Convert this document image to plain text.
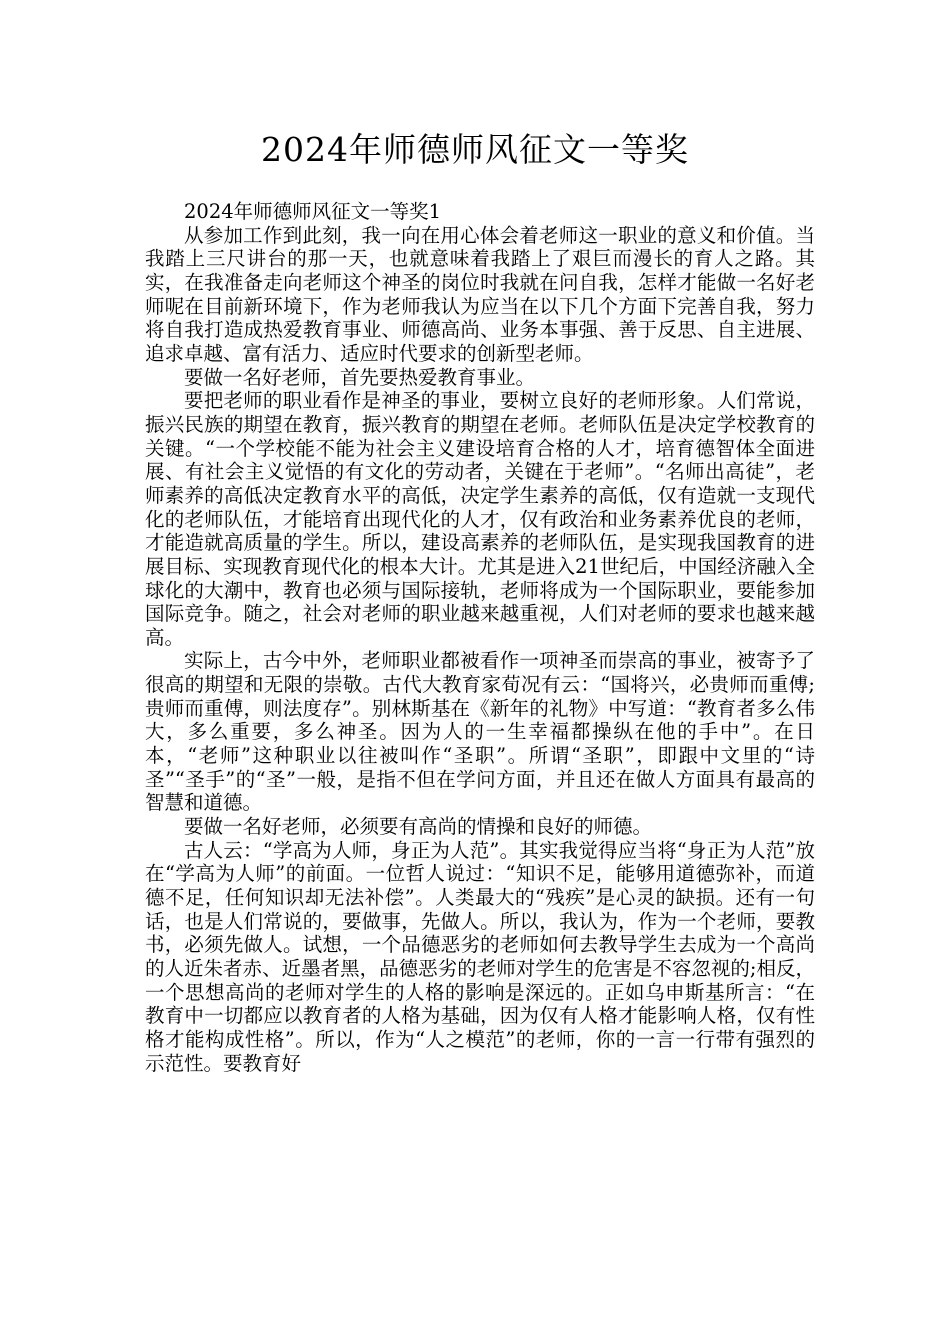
2024年师德师风征文一等奖

2024年师德师风征文一等奖1

从参加工作到此刻，我一向在用心体会着老师这一职业的意义和价值。当我踏上三尺讲台的那一天，也就意味着我踏上了艰巨而漫长的育人之路。其实，在我准备走向老师这个神圣的岗位时我就在问自我，怎样才能做一名好老师呢在目前新环境下，作为老师我认为应当在以下几个方面下完善自我，努力将自我打造成热爱教育事业、师德高尚、业务本事强、善于反思、自主进展、追求卓越、富有活力、适应时代要求的创新型老师。

要做一名好老师，首先要热爱教育事业。

要把老师的职业看作是神圣的事业，要树立良好的老师形象。人们常说，振兴民族的期望在教育，振兴教育的期望在老师。老师队伍是决定学校教育的关键。“一个学校能不能为社会主义建设培育合格的人才，培育德智体全面进展、有社会主义觉悟的有文化的劳动者，关键在于老师”。“名师出高徒”，老师素养的高低决定教育水平的高低，决定学生素养的高低，仅有造就一支现代化的老师队伍，才能培育出现代化的人才，仅有政治和业务素养优良的老师，才能造就高质量的学生。所以，建设高素养的老师队伍，是实现我国教育的进展目标、实现教育现代化的根本大计。尤其是进入21世纪后，中国经济融入全球化的大潮中，教育也必须与国际接轨，老师将成为一个国际职业，要能参加国际竞争。随之，社会对老师的职业越来越重视，人们对老师的要求也越来越高。

实际上，古今中外，老师职业都被看作一项神圣而崇高的事业，被寄予了很高的期望和无限的崇敬。古代大教育家荀况有云：“国将兴，必贵师而重傅;贵师而重傅，则法度存”。别林斯基在《新年的礼物》中写道：“教育者多么伟大，多么重要，多么神圣。因为人的一生幸福都操纵在他的手中”。在日本，“老师”这种职业以往被叫作“圣职”。所谓“圣职”，即跟中文里的“诗圣”“圣手”的“圣”一般，是指不但在学问方面，并且还在做人方面具有最高的智慧和道德。

要做一名好老师，必须要有高尚的情操和良好的师德。

古人云：“学高为人师，身正为人范”。其实我觉得应当将“身正为人范”放在“学高为人师”的前面。一位哲人说过：“知识不足，能够用道德弥补，而道德不足，任何知识却无法补偿”。人类最大的“残疾”是心灵的缺损。还有一句话，也是人们常说的，要做事，先做人。所以，我认为，作为一个老师，要教书，必须先做人。试想，一个品德恶劣的老师如何去教导学生去成为一个高尚的人近朱者赤、近墨者黑，品德恶劣的老师对学生的危害是不容忽视的;相反，一个思想高尚的老师对学生的人格的影响是深远的。正如乌申斯基所言：“在教育中一切都应以教育者的人格为基础，因为仅有人格才能影响人格，仅有性格才能构成性格”。所以，作为“人之模范”的老师，你的一言一行带有强烈的示范性。要教育好
